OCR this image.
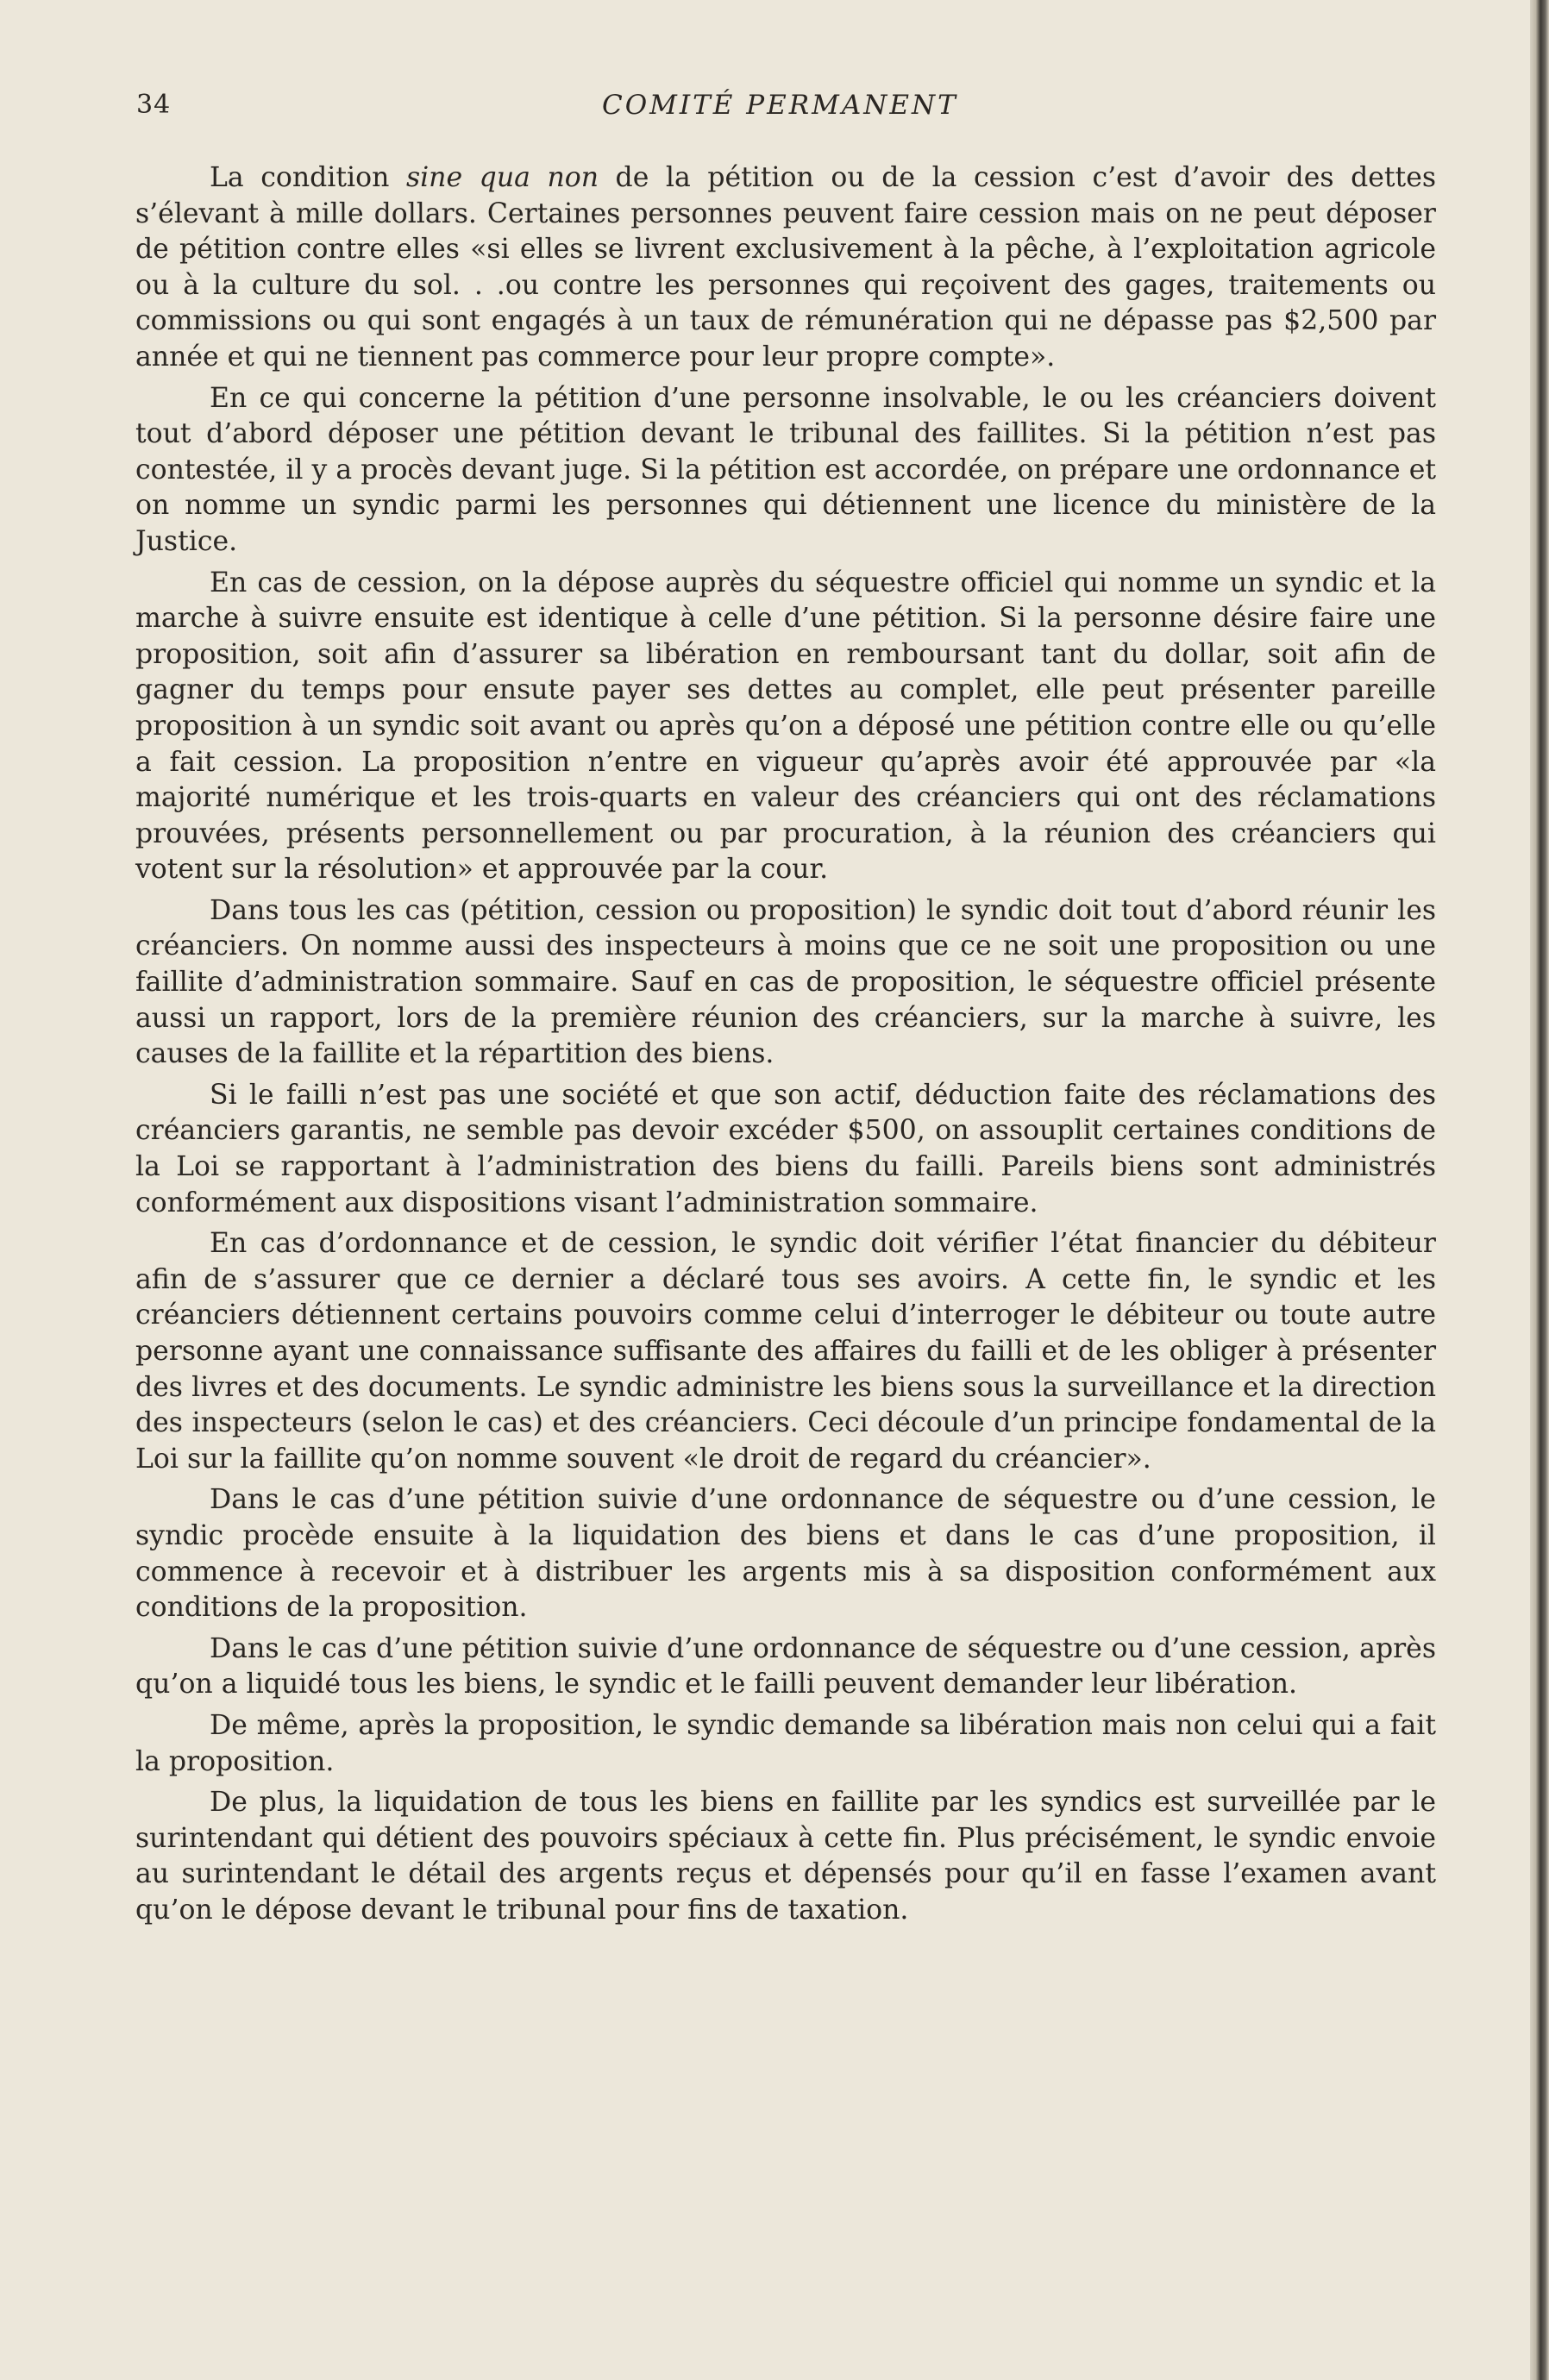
34	COMITÉ PERMANENT

La condition sine qua non de la pétition ou de la cession c’est d’avoir des dettes s’élevant à mille dollars. Certaines personnes peuvent faire cession mais on ne peut déposer de pétition contre elles «si elles se livrent exclusivement à la pêche, à l’exploitation agricole ou à la culture du sol. . .ou contre les personnes qui reçoivent des gages, traitements ou commissions ou qui sont engagés à un taux de rémunération qui ne dépasse pas $2,500 par année et qui ne tiennent pas commerce pour leur propre compte».

En ce qui concerne la pétition d’une personne insolvable, le ou les créanciers doivent tout d’abord déposer une pétition devant le tribunal des faillites. Si la pétition n’est pas contestée, il y a procès devant juge. Si la pétition est accordée, on prépare une ordonnance et on nomme un syndic parmi les personnes qui détiennent une licence du ministère de la Justice.

En cas de cession, on la dépose auprès du séquestre officiel qui nomme un syndic et la marche à suivre ensuite est identique à celle d’une pétition. Si la personne désire faire une proposition, soit afin d’assurer sa libération en remboursant tant du dollar, soit afin de gagner du temps pour ensute payer ses dettes au complet, elle peut présenter pareille proposition à un syndic soit avant ou après qu’on a déposé une pétition contre elle ou qu’elle a fait cession. La proposition n’entre en vigueur qu’après avoir été approuvée par «la majorité numérique et les trois-quarts en valeur des créanciers qui ont des réclamations prouvées, présents personnellement ou par procuration, à la réunion des créanciers qui votent sur la résolution» et approuvée par la cour.

Dans tous les cas (pétition, cession ou proposition) le syndic doit tout d’abord réunir les créanciers. On nomme aussi des inspecteurs à moins que ce ne soit une proposition ou une faillite d’administration sommaire. Sauf en cas de proposition, le séquestre officiel présente aussi un rapport, lors de la première réunion des créanciers, sur la marche à suivre, les causes de la faillite et la répartition des biens.

Si le failli n’est pas une société et que son actif, déduction faite des réclamations des créanciers garantis, ne semble pas devoir excéder $500, on assouplit certaines conditions de la Loi se rapportant à l’administration des biens du failli. Pareils biens sont administrés conformément aux dispositions visant l’administration sommaire.

En cas d’ordonnance et de cession, le syndic doit vérifier l’état financier du débiteur afin de s’assurer que ce dernier a déclaré tous ses avoirs. A cette fin, le syndic et les créanciers détiennent certains pouvoirs comme celui d’interroger le débiteur ou toute autre personne ayant une connaissance suffisante des affaires du failli et de les obliger à présenter des livres et des documents. Le syndic administre les biens sous la surveillance et la direction des inspecteurs (selon le cas) et des créanciers. Ceci découle d’un principe fondamental de la Loi sur la faillite qu’on nomme souvent «le droit de regard du créancier».

Dans le cas d’une pétition suivie d’une ordonnance de séquestre ou d’une cession, le syndic procède ensuite à la liquidation des biens et dans le cas d’une proposition, il commence à recevoir et à distribuer les argents mis à sa disposition conformément aux conditions de la proposition.

Dans le cas d’une pétition suivie d’une ordonnance de séquestre ou d’une cession, après qu’on a liquidé tous les biens, le syndic et le failli peuvent demander leur libération.

De même, après la proposition, le syndic demande sa libération mais non celui qui a fait la proposition.

De plus, la liquidation de tous les biens en faillite par les syndics est surveillée par le surintendant qui détient des pouvoirs spéciaux à cette fin. Plus précisément, le syndic envoie au surintendant le détail des argents reçus et dépensés pour qu’il en fasse l’examen avant qu’on le dépose devant le tribunal pour fins de taxation.
